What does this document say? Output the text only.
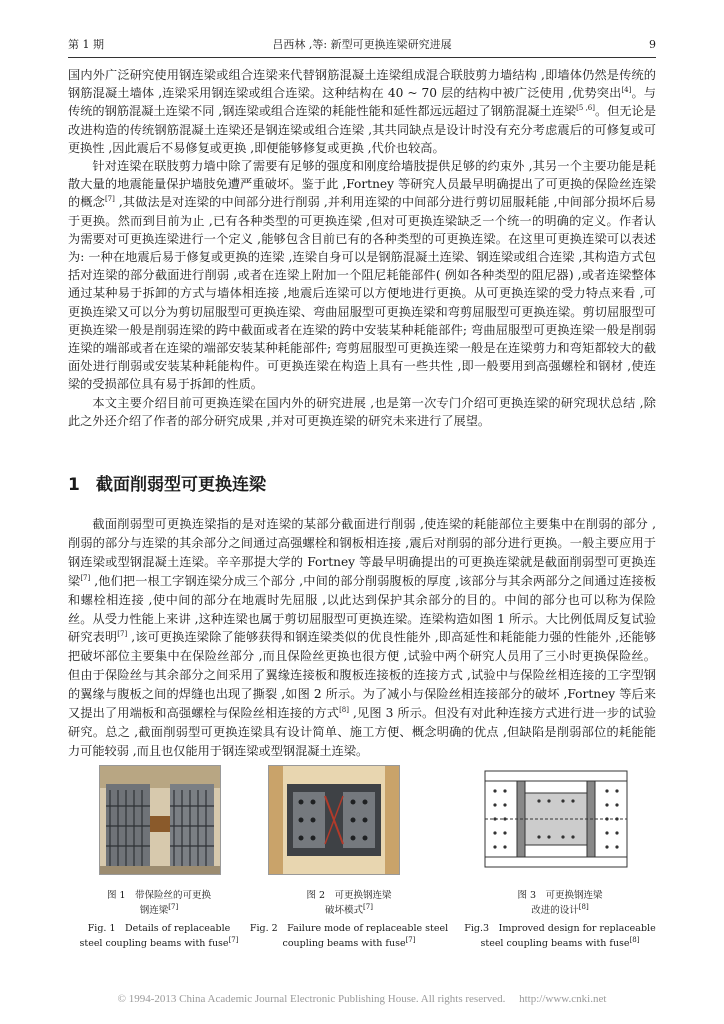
第 1 期	吕西林 ,等: 新型可更换连梁研究进展	9

国内外广泛研究使用钢连梁或组合连梁来代替钢筋混凝土连梁组成混合联肢剪力墙结构 ,即墙体仍然是传统的钢筋混凝土墙体 ,连梁采用钢连梁或组合连梁。这种结构在 40 ~ 70 层的结构中被广泛使用 ,优势突出[4]。与传统的钢筋混凝土连梁不同 ,钢连梁或组合连梁的耗能性能和延性都远远超过了钢筋混凝土连梁[5 ,6]。但无论是改进构造的传统钢筋混凝土连梁还是钢连梁或组合连梁 ,其共同缺点是设计时没有充分考虑震后的可修复或可更换性 ,因此震后不易修复或更换 ,即便能够修复或更换 ,代价也较高。

针对连梁在联肢剪力墙中除了需要有足够的强度和刚度给墙肢提供足够的约束外 ,其另一个主要功能是耗散大量的地震能量保护墙肢免遭严重破坏。鉴于此 ,Fortney 等研究人员最早明确提出了可更换的保险丝连梁的概念[7] ,其做法是对连梁的中间部分进行削弱 ,并利用连梁的中间部分进行剪切屈服耗能 ,中间部分损坏后易于更换。然而到目前为止 ,已有各种类型的可更换连梁 ,但对可更换连梁缺乏一个统一的明确的定义。作者认为需要对可更换连梁进行一个定义 ,能够包含目前已有的各种类型的可更换连梁。在这里可更换连梁可以表述为: 一种在地震后易于修复或更换的连梁 ,连梁自身可以是钢筋混凝土连梁、钢连梁或组合连梁 ,其构造方式包括对连梁的部分截面进行削弱 ,或者在连梁上附加一个阻尼耗能部件( 例如各种类型的阻尼器) ,或者连梁整体通过某种易于拆卸的方式与墙体相连接 ,地震后连梁可以方便地进行更换。从可更换连梁的受力特点来看 ,可更换连梁又可以分为剪切屈服型可更换连梁、弯曲屈服型可更换连梁和弯剪屈服型可更换连梁。剪切屈服型可更换连梁一般是削弱连梁的跨中截面或者在连梁的跨中安装某种耗能部件; 弯曲屈服型可更换连梁一般是削弱连梁的端部或者在连梁的端部安装某种耗能部件; 弯剪屈服型可更换连梁一般是在连梁剪力和弯矩都较大的截面处进行削弱或安装某种耗能构件。可更换连梁在构造上具有一些共性 ,即一般要用到高强螺栓和钢材 ,使连梁的受损部位具有易于拆卸的性质。

本文主要介绍目前可更换连梁在国内外的研究进展 ,也是第一次专门介绍可更换连梁的研究现状总结 ,除此之外还介绍了作者的部分研究成果 ,并对可更换连梁的研究未来进行了展望。

1 截面削弱型可更换连梁

截面削弱型可更换连梁指的是对连梁的某部分截面进行削弱 ,使连梁的耗能部位主要集中在削弱的部分 ,削弱的部分与连梁的其余部分之间通过高强螺栓和钢板相连接 ,震后对削弱的部分进行更换。一般主要应用于钢连梁或型钢混凝土连梁。辛辛那提大学的 Fortney 等最早明确提出的可更换连梁就是截面削弱型可更换连梁[7] ,他们把一根工字钢连梁分成三个部分 ,中间的部分削弱腹板的厚度 ,该部分与其余两部分之间通过连接板和螺栓相连接 ,使中间的部分在地震时先屈服 ,以此达到保护其余部分的目的。中间的部分也可以称为保险丝。从受力性能上来讲 ,这种连梁也属于剪切屈服型可更换连梁。连梁构造如图 1 所示。大比例低周反复试验研究表明[7] ,该可更换连梁除了能够获得和钢连梁类似的优良性能外 ,即高延性和耗能能力强的性能外 ,还能够把破坏部位主要集中在保险丝部分 ,而且保险丝更换也很方便 ,试验中两个研究人员用了三小时更换保险丝。但由于保险丝与其余部分之间采用了翼缘连接板和腹板连接板的连接方式 ,试验中与保险丝相连接的工字型钢的翼缘与腹板之间的焊缝也出现了撕裂 ,如图 2 所示。为了减小与保险丝相连接部分的破坏 ,Fortney 等后来又提出了用端板和高强螺栓与保险丝相连接的方式[8] ,见图 3 所示。但没有对此种连接方式进行进一步的试验研究。总之 ,截面削弱型可更换连梁具有设计简单、施工方便、概念明确的优点 ,但缺陷是削弱部位的耗能能力可能较弱 ,而且也仅能用于钢连梁或型钢混凝土连梁。

图 1　带保险丝的可更换
钢连梁[7]
Fig. 1　Details of replaceable
steel coupling beams with fuse[7]
图 2　可更换钢连梁
破坏模式[7]
Fig. 2　Failure mode of replaceable steel
coupling beams with fuse[7]
图 3　可更换钢连梁
改进的设计[8]
Fig.3　Improved design for replaceable
steel coupling beams with fuse[8]
© 1994-2013 China Academic Journal Electronic Publishing House. All rights reserved.　 http://www.cnki.net
